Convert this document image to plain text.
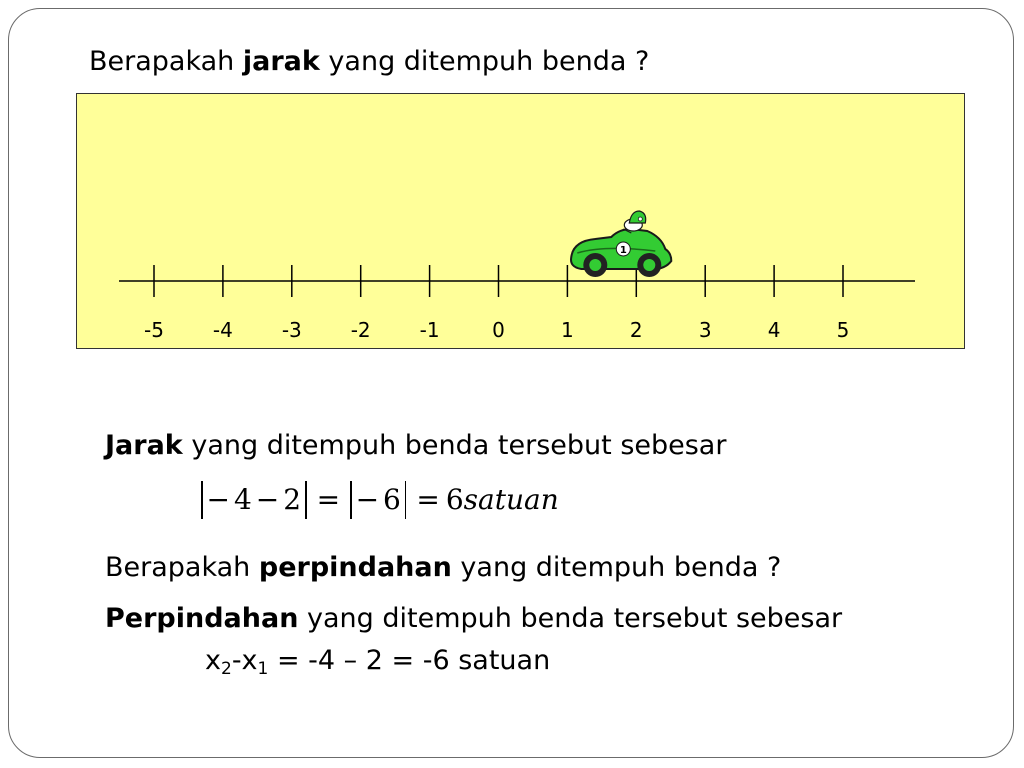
Berapakah jarak yang ditempuh benda ?
-5 -4 -3 -2 -1	0	1	2	3	4	5
1
Jarak yang ditempuh benda tersebut sebesar
− 4 − 2 = − 6 = 6 satuan
Berapakah perpindahan yang ditempuh benda ?
Perpindahan yang ditempuh benda tersebut sebesar
$x_2-x_1 = -4 - 2 = -6$ satuan
